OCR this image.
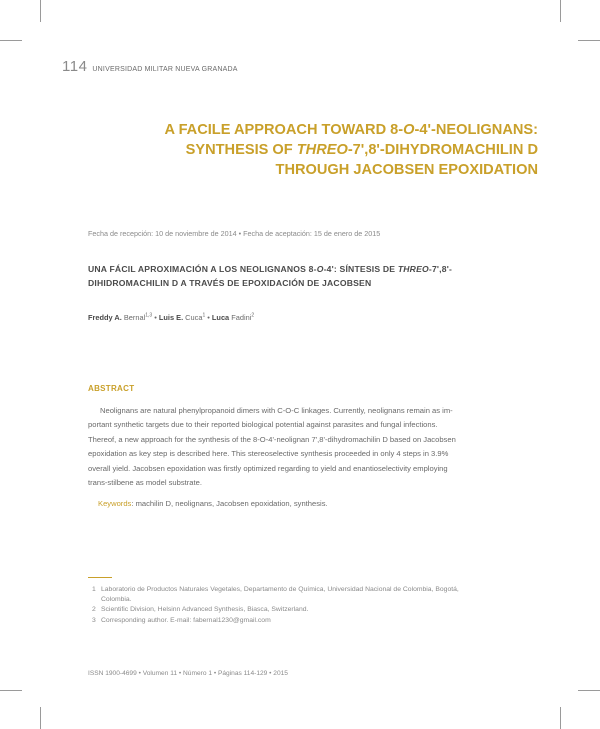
114 UNIVERSIDAD MILITAR NUEVA GRANADA
A FACILE APPROACH TOWARD 8-O-4'-NEOLIGNANS:
SYNTHESIS OF THREO-7',8'-DIHYDROMACHILIN D
THROUGH JACOBSEN EPOXIDATION
Fecha de recepción: 10 de noviembre de 2014 • Fecha de aceptación: 15 de enero de 2015
UNA FÁCIL APROXIMACIÓN A LOS NEOLIGNANOS 8-O-4': SÍNTESIS DE THREO-7',8'-
DIHIDROMACHILIN D A TRAVÉS DE EPOXIDACIÓN DE JACOBSEN
Freddy A. Bernal$^{1,3}$ • Luis E. Cuca$^1$ • Luca Fadini$^2$
ABSTRACT
Neolignans are natural phenylpropanoid dimers with C-O-C linkages. Currently, neolignans remain as im-
portant synthetic targets due to their reported biological potential against parasites and fungal infections.
Thereof, a new approach for the synthesis of the 8-O-4'-neolignan 7',8'-dihydromachilin D based on Jacobsen
epoxidation as key step is described here. This stereoselective synthesis proceeded in only 4 steps in 3.9%
overall yield. Jacobsen epoxidation was firstly optimized regarding to yield and enantioselectivity employing
trans-stilbene as model substrate.
Keywords: machilin D, neolignans, Jacobsen epoxidation, synthesis.
1 Laboratorio de Productos Naturales Vegetales, Departamento de Química, Universidad Nacional de Colombia, Bogotá,
Colombia.
2 Scientific Division, Helsinn Advanced Synthesis, Biasca, Switzerland.
3 Corresponding author. E-mail: fabernal1230@gmail.com
ISSN 1900-4699 • Volumen 11 • Número 1 • Páginas 114-129 • 2015
